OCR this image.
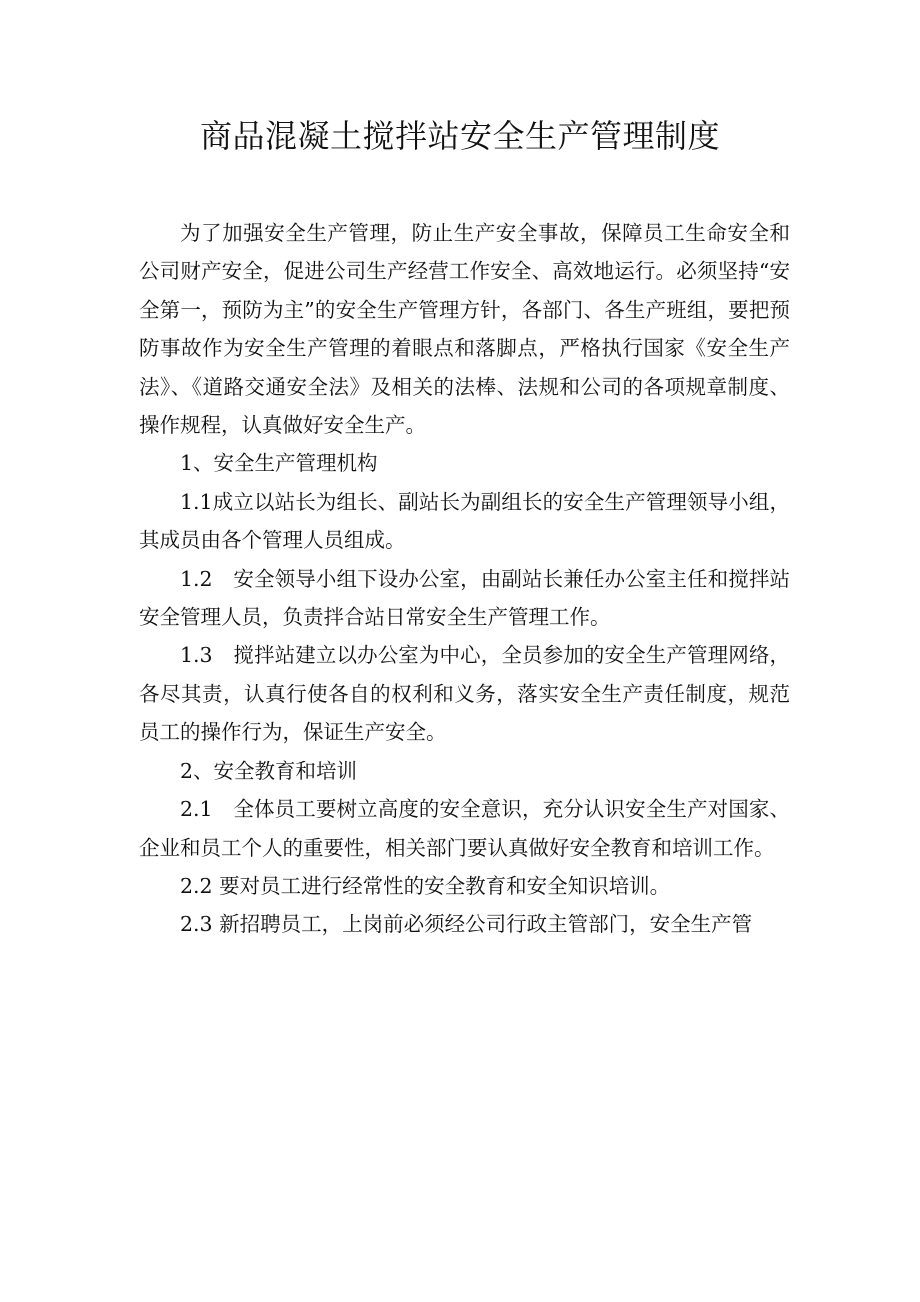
商品混凝土搅拌站安全生产管理制度

为了加强安全生产管理，防止生产安全事故，保障员工生命安全和公司财产安全，促进公司生产经营工作安全、高效地运行。必须坚持“安全第一，预防为主”的安全生产管理方针，各部门、各生产班组，要把预防事故作为安全生产管理的着眼点和落脚点，严格执行国家《安全生产法》、《道路交通安全法》及相关的法棒、法规和公司的各项规章制度、操作规程，认真做好安全生产。

1、安全生产管理机构

1.1成立以站长为组长、副站长为副组长的安全生产管理领导小组，其成员由各个管理人员组成。

1.2　安全领导小组下设办公室，由副站长兼任办公室主任和搅拌站安全管理人员，负责拌合站日常安全生产管理工作。

1.3　搅拌站建立以办公室为中心，全员参加的安全生产管理网络，各尽其责，认真行使各自的权利和义务，落实安全生产责任制度，规范员工的操作行为，保证生产安全。

2、安全教育和培训

2.1　全体员工要树立高度的安全意识，充分认识安全生产对国家、企业和员工个人的重要性，相关部门要认真做好安全教育和培训工作。

2.2 要对员工进行经常性的安全教育和安全知识培训。

2.3 新招聘员工，上岗前必须经公司行政主管部门，安全生产管
